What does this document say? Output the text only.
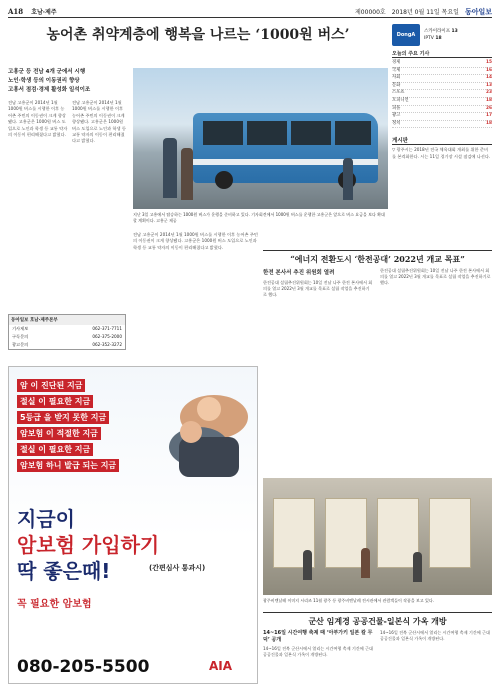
A18 호남·제주	제00000호 2018년 0월 11일 목요일 동아일보
농어촌 취약계층에 행복을 나르는 ‘1000원 버스’
고흥군 등 전남 4개 군에서 시행
노인·학생 등의 이동권리 향상
고흥서 점검·경제 활성화 일석이조
전남 고흥군이 2014년 1월 1000원 버스를 시행한 이후 농어촌 주민의 이동권이 크게 향상됐다. 고흥군은 1000원 버스 도입으로 노인과 학생 등 교통 약자의 이동이 편리해졌다고 밝혔다.
전남 고흥군이 2014년 1월 1000원 버스를 시행한 이후 농어촌 주민의 이동권이 크게 향상됐다. 고흥군은 1000원 버스 도입으로 노인과 학생 등 교통 약자의 이동이 편리해졌다고 밝혔다.
전남 고흥군이 2014년 1월 1000원 버스를 시행한 이후 농어촌 주민의 이동권이 크게 향상됐다. 고흥군은 1000원 버스 도입으로 노인과 학생 등 교통 약자의 이동이 편리해졌다고 밝혔다.
지난 3일 고흥에서 탑승하는 1000원 버스가 운행을 준비하고 있다. 기자회견에서 1000원 버스를 운행한 고흥군은 앞으로 버스 요금을 보다 확대할 계획이다. 고흥군 제공
DongA
스카이라이프 13
IPTV 18
오늘의 주요 기사
경제	15
국제	16
사회	14
문화	13
스포츠	23
오피니언	18
피플	26
광고	17
정치	18
게시판
▽ 광주시는 2018년 전국 체육대회 개최를 위한 준비를 본격화한다. 시는 11일 경기장 시설 점검에 나선다.
동아일보 호남·제주본부
기사제보	062-371-7711
구독문의	062-375-2000
광고문의	062-352-3272
“에너지 전환도시 ‘한전공대’ 2022년 개교 목표”
한전 본사서 추진 위원회 열려
한전공대 설립추진위원회는 10일 전남 나주 한전 본사에서 회의를 열고 2022년 3월 개교를 목표로 설립 작업을 추진하기로 했다.
한전공대 설립추진위원회는 10일 전남 나주 한전 본사에서 회의를 열고 2022년 3월 개교를 목표로 설립 작업을 추진하기로 했다.
암 이 진단된 지금
절실 이 필요한 지금
5등급 을 받지 못한 지금
암보험 이 적절한 지금
절실 이 필요한 지금
암보험 하니 발급 되는 지금
지금이
암보험 가입하기
딱 좋은때!	(간편심사 통과시)
꼭 필요한 암보험
080-205-5500	AIA
광주비엔날레 이미지 시리즈 11월 광주 등 광주비엔날레 전시관에서 관람객들이 작품을 보고 있다.
군산 임계경 공공건물-일본식 가옥 개방
14~16일 시간여행 축제 때 ‘아부가키 일본 칼 무덕’ 공개
14~16일 전북 군산시에서 열리는 시간여행 축제 기간에 근대 공공건물과 일본식 가옥이 개방된다.
14~16일 전북 군산시에서 열리는 시간여행 축제 기간에 근대 공공건물과 일본식 가옥이 개방된다.
